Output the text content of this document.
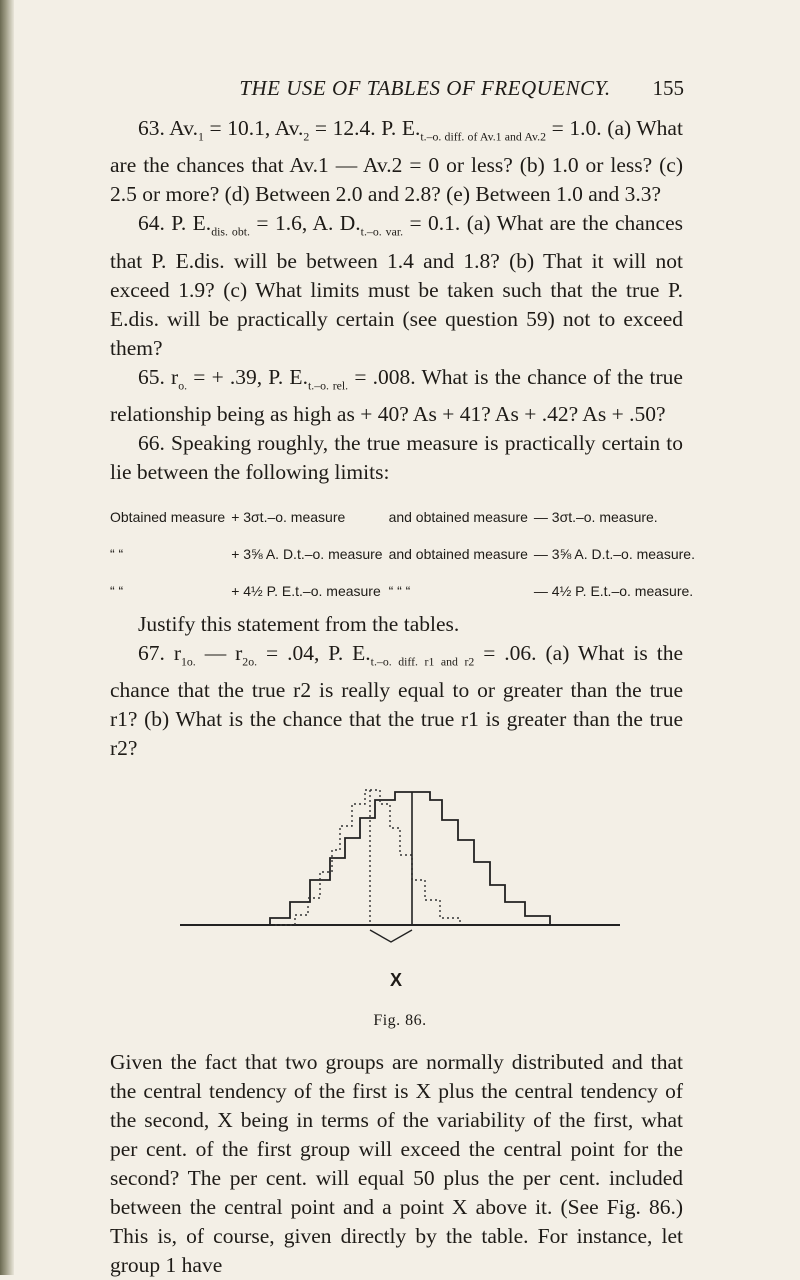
THE USE OF TABLES OF FREQUENCY.	155

63. $Av._1 = 10.1$, $Av._2 = 12.4$. P. $E._{t.-o. diff. of Av.1 and Av.2} = 1.0$. (a) What are the chances that Av.1 — Av.2 = 0 or less? (b) 1.0 or less? (c) 2.5 or more? (d) Between 2.0 and 2.8? (e) Between 1.0 and 3.3?

64. P. $E._{dis. obt.} = 1.6$, A. $D._{t.-o. var.} = 0.1$. (a) What are the chances that P. E.dis. will be between 1.4 and 1.8? (b) That it will not exceed 1.9? (c) What limits must be taken such that the true P. E.dis. will be practically certain (see question 59) not to exceed them?

65. $r_{o.}$ = + .39, P. $E._{t.-o. rel.} = .008$. What is the chance of the true relationship being as high as + 40? As + 41? As + .42? As + .50?

66. Speaking roughly, the true measure is practically certain to lie between the following limits:

Obtained measure	+ 3σt.–o. measure	and obtained measure	— 3σt.–o. measure.
“ “	+ 3⅝ A. D.t.–o. measure	and obtained measure	— 3⅝ A. D.t.–o. measure.
“ “	+ 4½ P. E.t.–o. measure	“ “ “	— 4½ P. E.t.–o. measure.

Justify this statement from the tables.

67. $r_{1o.}$ — $r_{2o.} = .04$, P. $E._{t.-o. diff. r1 and r2} = .06$. (a) What is the chance that the true r2 is really equal to or greater than the true r1? (b) What is the chance that the true r1 is greater than the true r2?

X
Fig. 86.
Given the fact that two groups are normally distributed and that the central tendency of the first is X plus the central tendency of the second, X being in terms of the variability of the first, what per cent. of the first group will exceed the central point for the second? The per cent. will equal 50 plus the per cent. included between the central point and a point X above it. (See Fig. 86.) This is, of course, given directly by the table. For instance, let group 1 have
